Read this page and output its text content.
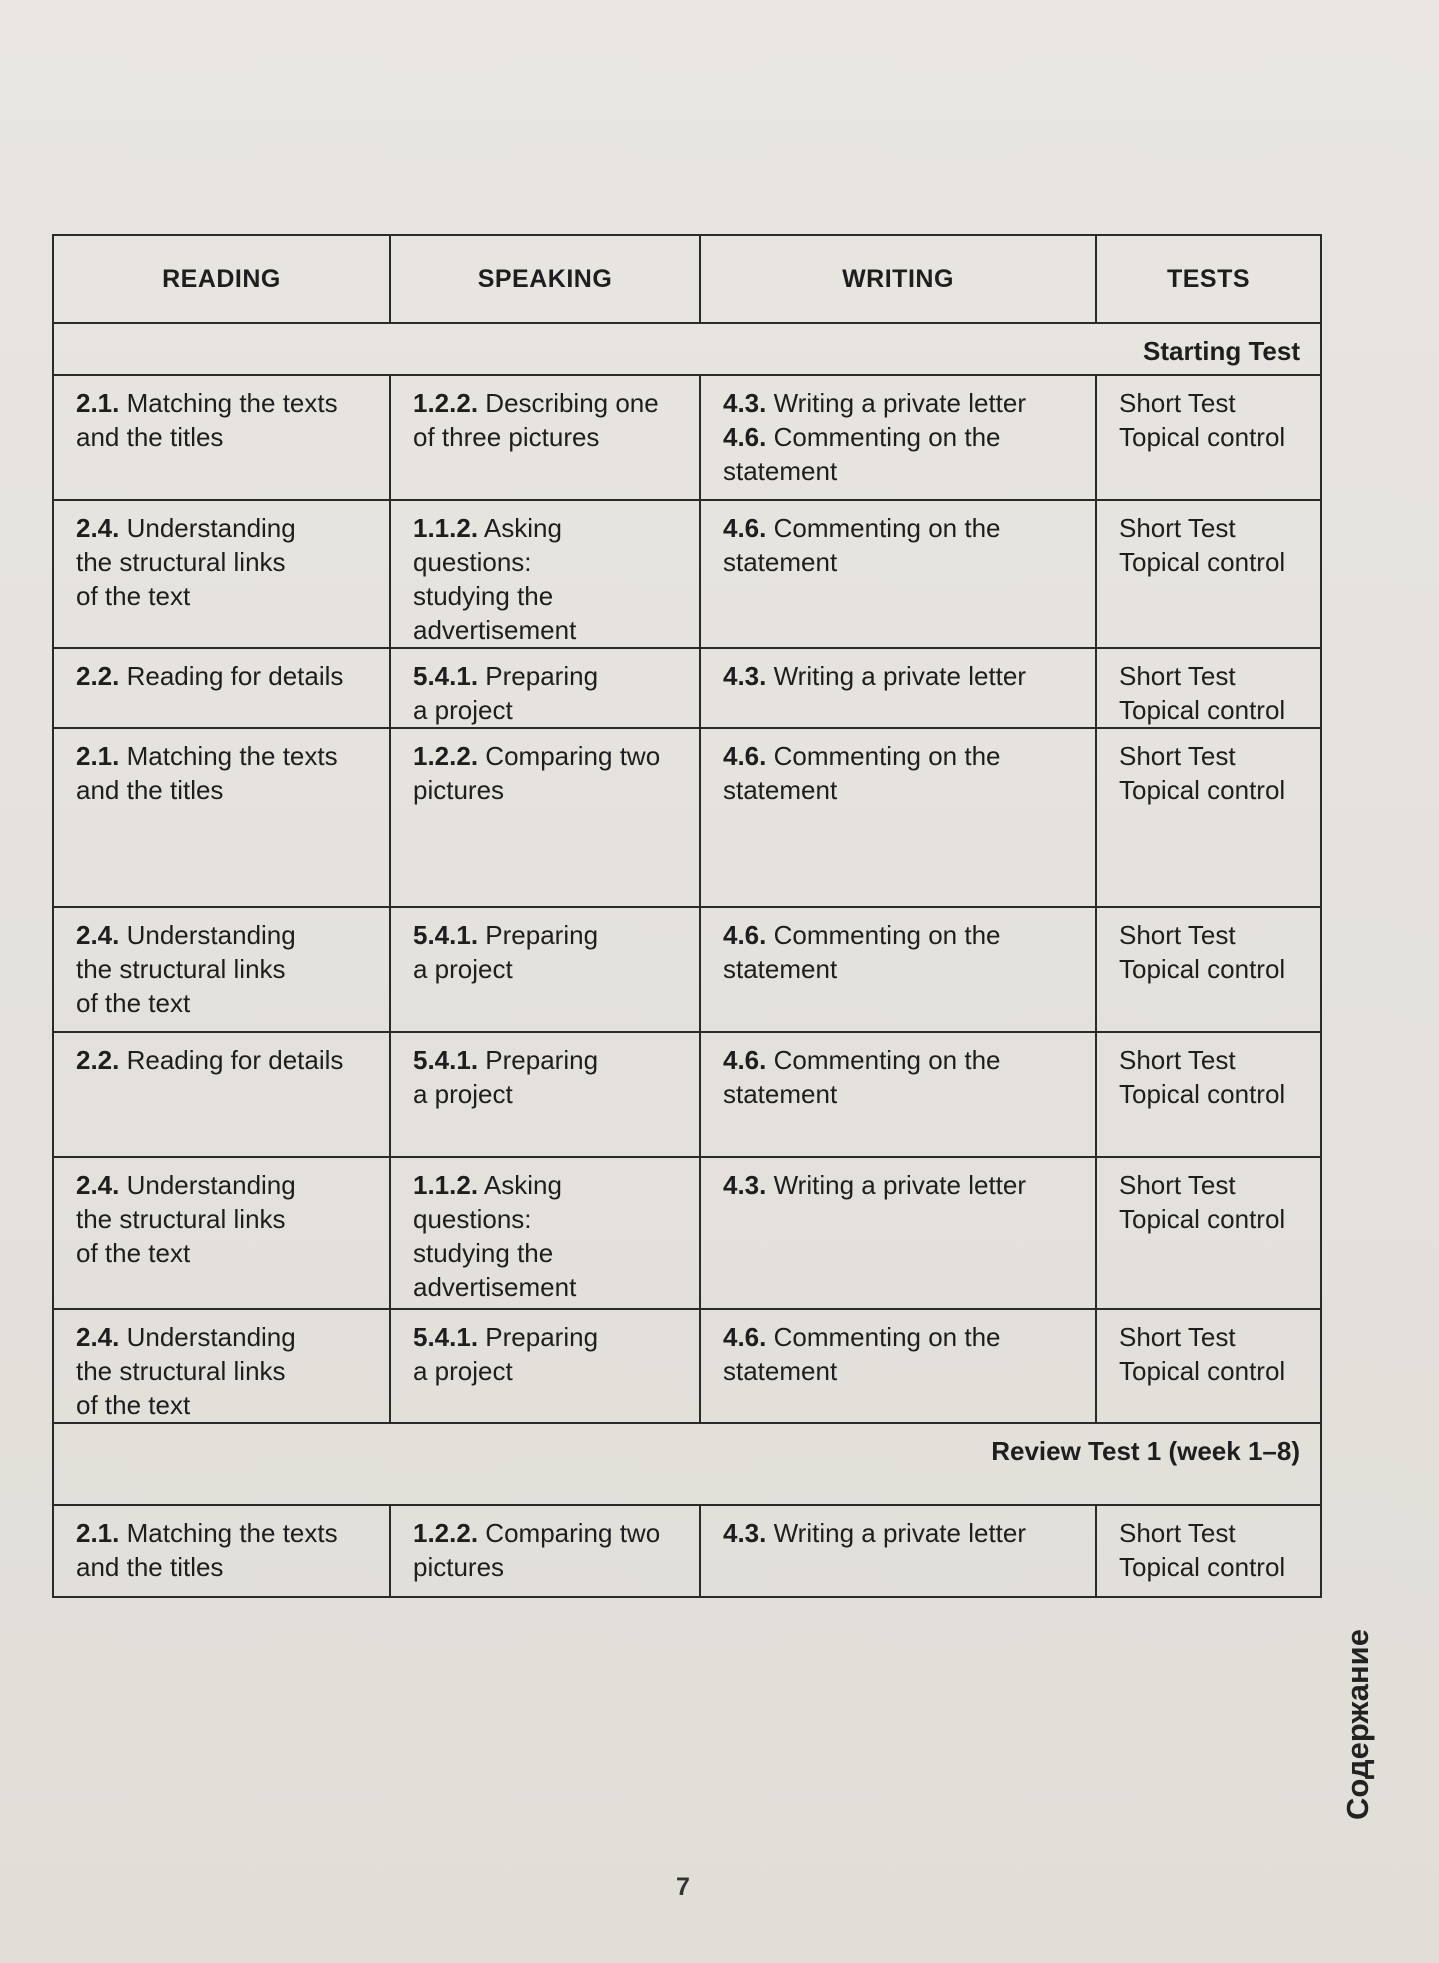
READING	SPEAKING	WRITING	TESTS
Starting Test			

2.1. Matching the texts
and the titles	1.2.2. Describing one
of three pictures	4.3. Writing a private letter
4.6. Commenting on the
statement	Short Test
Topical control

2.4. Understanding
the structural links
of the text	1.1.2. Asking
questions:
studying the
advertisement	4.6. Commenting on the
statement	Short Test
Topical control

2.2. Reading for details	5.4.1. Preparing
a project	4.3. Writing a private letter	Short Test
Topical control

2.1. Matching the texts
and the titles	1.2.2. Comparing two
pictures	4.6. Commenting on the
statement	Short Test
Topical control

2.4. Understanding
the structural links
of the text	5.4.1. Preparing
a project	4.6. Commenting on the
statement	Short Test
Topical control

2.2. Reading for details	5.4.1. Preparing
a project	4.6. Commenting on the
statement	Short Test
Topical control

2.4. Understanding
the structural links
of the text	1.1.2. Asking
questions:
studying the
advertisement	4.3. Writing a private letter	Short Test
Topical control

2.4. Understanding
the structural links
of the text	5.4.1. Preparing
a project	4.6. Commenting on the
statement	Short Test
Topical control

Review Test 1 (week 1–8)			

2.1. Matching the texts
and the titles	1.2.2. Comparing two
pictures	4.3. Writing a private letter	Short Test
Topical control
Содержание
7
